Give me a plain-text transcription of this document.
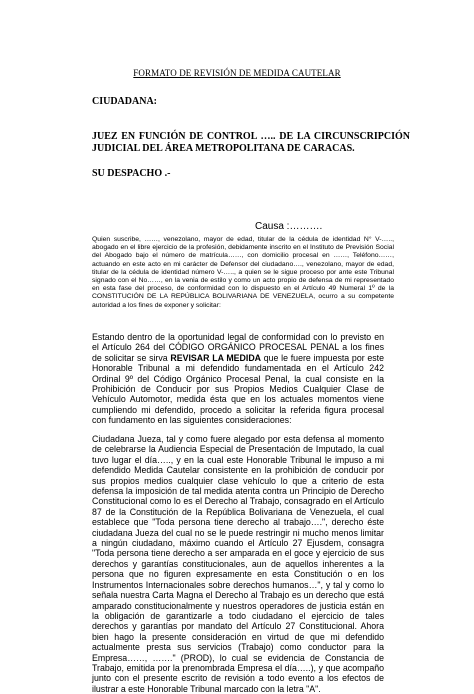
FORMATO DE REVISIÓN DE MEDIDA CAUTELAR
CIUDADANA:
JUEZ EN FUNCIÓN DE CONTROL ….. DE LA CIRCUNSCRIPCIÓN JUDICIAL DEL ÁREA METROPOLITANA DE CARACAS.
SU DESPACHO .-
Causa :……….
Quien suscribe, ……, venezolano, mayor de edad, titular de la cédula de identidad N° V-….., abogado en el libre ejercicio de la profesión, debidamente inscrito en el Instituto de Previsión Social del Abogado bajo el número de matrícula……, con domicilio procesal en ……, Teléfono……, actuando en este acto en mi carácter de Defensor del ciudadano…., venezolano, mayor de edad, titular de la cédula de identidad número V-….., a quien se le sigue proceso por ante este Tribunal signado con el No……, en la venia de estilo y como un acto propio de defensa de mi representado en esta fase del proceso, de conformidad con lo dispuesto en el Artículo 49 Numeral 1º de la CONSTITUCIÓN DE LA REPÚBLICA BOLIVARIANA DE VENEZUELA, ocurro a su competente autoridad a los fines de exponer y solicitar:
Estando dentro de la oportunidad legal de conformidad con lo previsto en el Artículo 264 del CÓDIGO ORGÁNICO PROCESAL PENAL a los fines de solicitar se sirva REVISAR LA MEDIDA que le fuere impuesta por este Honorable Tribunal a mi defendido fundamentada en el Artículo 242 Ordinal 9º del Código Orgánico Procesal Penal, la cual consiste en la Prohibición de Conducir por sus Propios Medios Cualquier Clase de Vehículo Automotor, medida ésta que en los actuales momentos viene cumpliendo mi defendido, procedo a solicitar la referida figura procesal con fundamento en las siguientes consideraciones:
Ciudadana Jueza, tal y como fuere alegado por esta defensa al momento de celebrarse la Audiencia Especial de Presentación de Imputado, la cual tuvo lugar el día….., y en la cual este Honorable Tribunal le impuso a mi defendido Medida Cautelar consistente en la prohibición de conducir por sus propios medios cualquier clase vehículo lo que a criterio de esta defensa la imposición de tal medida atenta contra un Principio de Derecho Constitucional como lo es el Derecho al Trabajo, consagrado en el Artículo 87 de la Constitución de la República Bolivariana de Venezuela, el cual establece que "Toda persona tiene derecho al trabajo….", derecho éste ciudadana Jueza del cual no se le puede restringir ni mucho menos limitar a ningún ciudadano, máximo cuando el Artículo 27 Ejusdem, consagra "Toda persona tiene derecho a ser amparada en el goce y ejercicio de sus derechos y garantías constitucionales, aun de aquellos inherentes a la persona que no figuren expresamente en esta Constitución o en los Instrumentos Internacionales sobre derechos humanos…", y tal y como lo señala nuestra Carta Magna el Derecho al Trabajo es un derecho que está amparado constitucionalmente y nuestros operadores de justicia están en la obligación de garantizarle a todo ciudadano el ejercicio de tales derechos y garantías por mandato del Artículo 27 Constitucional. Ahora bien hago la presente consideración en virtud de que mi defendido actualmente presta sus servicios (Trabajo) como conductor para la Empresa……, ……." (PROD), lo cual se evidencia de Constancia de Trabajo, emitida por la prenombrada Empresa el día…..), y que acompaño junto con el presente escrito de revisión a todo evento a los efectos de ilustrar a este Honorable Tribunal marcado con la letra "A".
